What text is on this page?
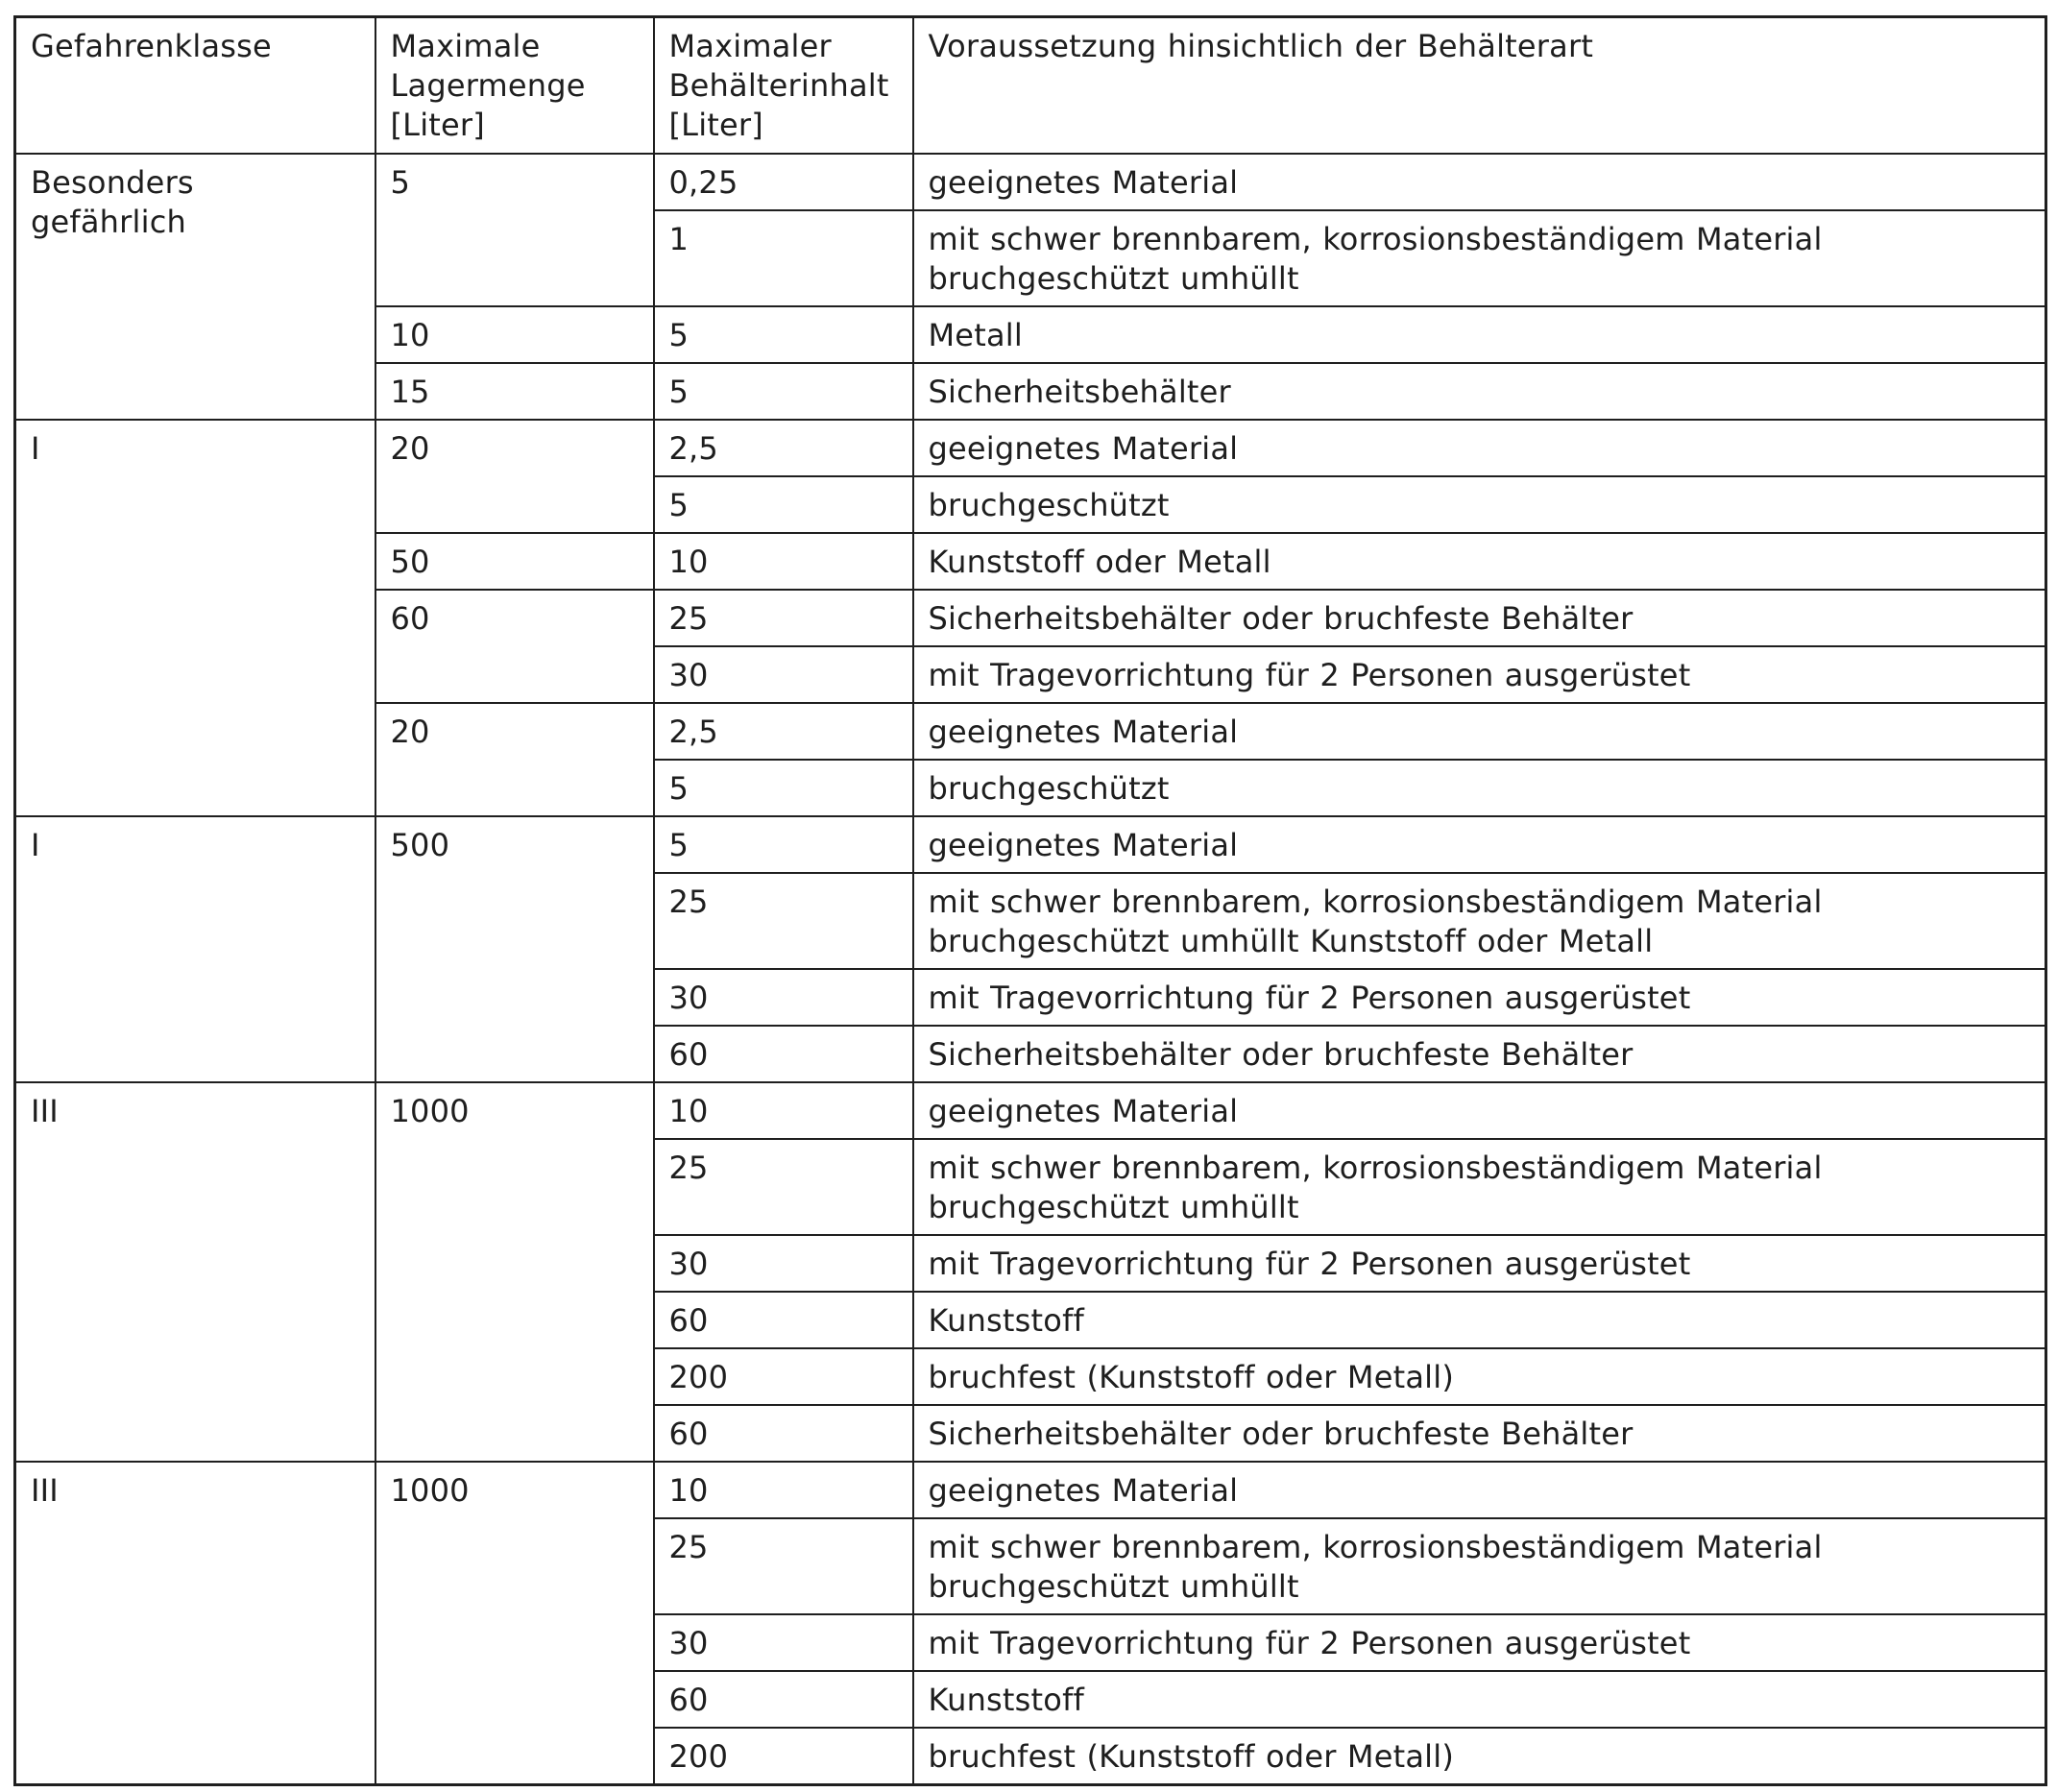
Gefahrenklasse	Maximale Lagermenge [Liter]	Maximaler Behälterinhalt [Liter]	Voraussetzung hinsichtlich der Behälterart
Besonders gefährlich	5	0,25	geeignetes Material
		1	mit schwer brennbarem, korrosionsbeständigem Material bruchgeschützt umhüllt
	10	5	Metall
	15	5	Sicherheitsbehälter
I	20	2,5	geeignetes Material
		5	bruchgeschützt
	50	10	Kunststoff oder Metall
	60	25	Sicherheitsbehälter oder bruchfeste Behälter
		30	mit Tragevorrichtung für 2 Personen ausgerüstet
	20	2,5	geeignetes Material
		5	bruchgeschützt
I	500	5	geeignetes Material
		25	mit schwer brennbarem, korrosionsbeständigem Material bruchgeschützt umhüllt Kunststoff oder Metall
		30	mit Tragevorrichtung für 2 Personen ausgerüstet
		60	Sicherheitsbehälter oder bruchfeste Behälter
III	1000	10	geeignetes Material
		25	mit schwer brennbarem, korrosionsbeständigem Material bruchgeschützt umhüllt
		30	mit Tragevorrichtung für 2 Personen ausgerüstet
		60	Kunststoff
		200	bruchfest (Kunststoff oder Metall)
		60	Sicherheitsbehälter oder bruchfeste Behälter
III	1000	10	geeignetes Material
		25	mit schwer brennbarem, korrosionsbeständigem Material bruchgeschützt umhüllt
		30	mit Tragevorrichtung für 2 Personen ausgerüstet
		60	Kunststoff
		200	bruchfest (Kunststoff oder Metall)
